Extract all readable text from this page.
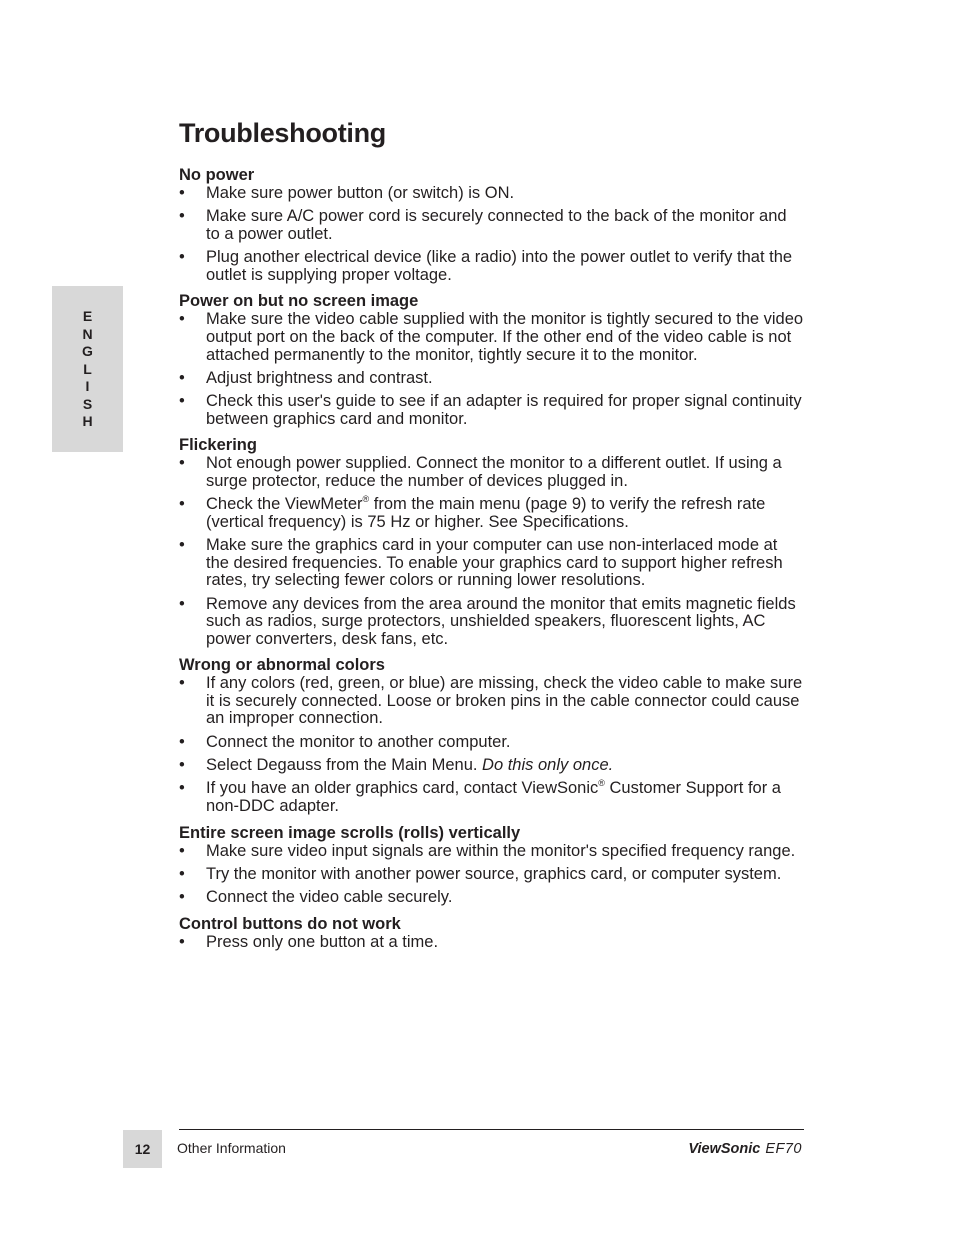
E
N
G
L
I
S
H
Troubleshooting
No power
• Make sure power button (or switch) is ON.
• Make sure A/C power cord is securely connected to the back of the monitor and to a power outlet.
• Plug another electrical device (like a radio) into the power outlet to verify that the outlet is supplying proper voltage.
Power on but no screen image
• Make sure the video cable supplied with the monitor is tightly secured to the video output port on the back of the computer. If the other end of the video cable is not attached permanently to the monitor, tightly secure it to the monitor.
• Adjust brightness and contrast.
• Check this user's guide to see if an adapter is required for proper signal continuity between graphics card and monitor.
Flickering
• Not enough power supplied. Connect the monitor to a different outlet. If using a surge protector, reduce the number of devices plugged in.
• Check the ViewMeter® from the main menu (page 9) to verify the refresh rate (vertical frequency) is 75 Hz or higher. See Specifications.
• Make sure the graphics card in your computer can use non-interlaced mode at the desired frequencies. To enable your graphics card to support higher refresh rates, try selecting fewer colors or running lower resolutions.
• Remove any devices from the area around the monitor that emits magnetic fields such as radios, surge protectors, unshielded speakers, fluorescent lights, AC power converters, desk fans, etc.
Wrong or abnormal colors
• If any colors (red, green, or blue) are missing, check the video cable to make sure it is securely connected. Loose or broken pins in the cable connector could cause an improper connection.
• Connect the monitor to another computer.
• Select Degauss from the Main Menu. Do this only once.
• If you have an older graphics card, contact ViewSonic® Customer Support for a non-DDC adapter.
Entire screen image scrolls (rolls) vertically
• Make sure video input signals are within the monitor's specified frequency range.
• Try the monitor with another power source, graphics card, or computer system.
• Connect the video cable securely.
Control buttons do not work
• Press only one button at a time.
12	Other Information	ViewSonic EF70
